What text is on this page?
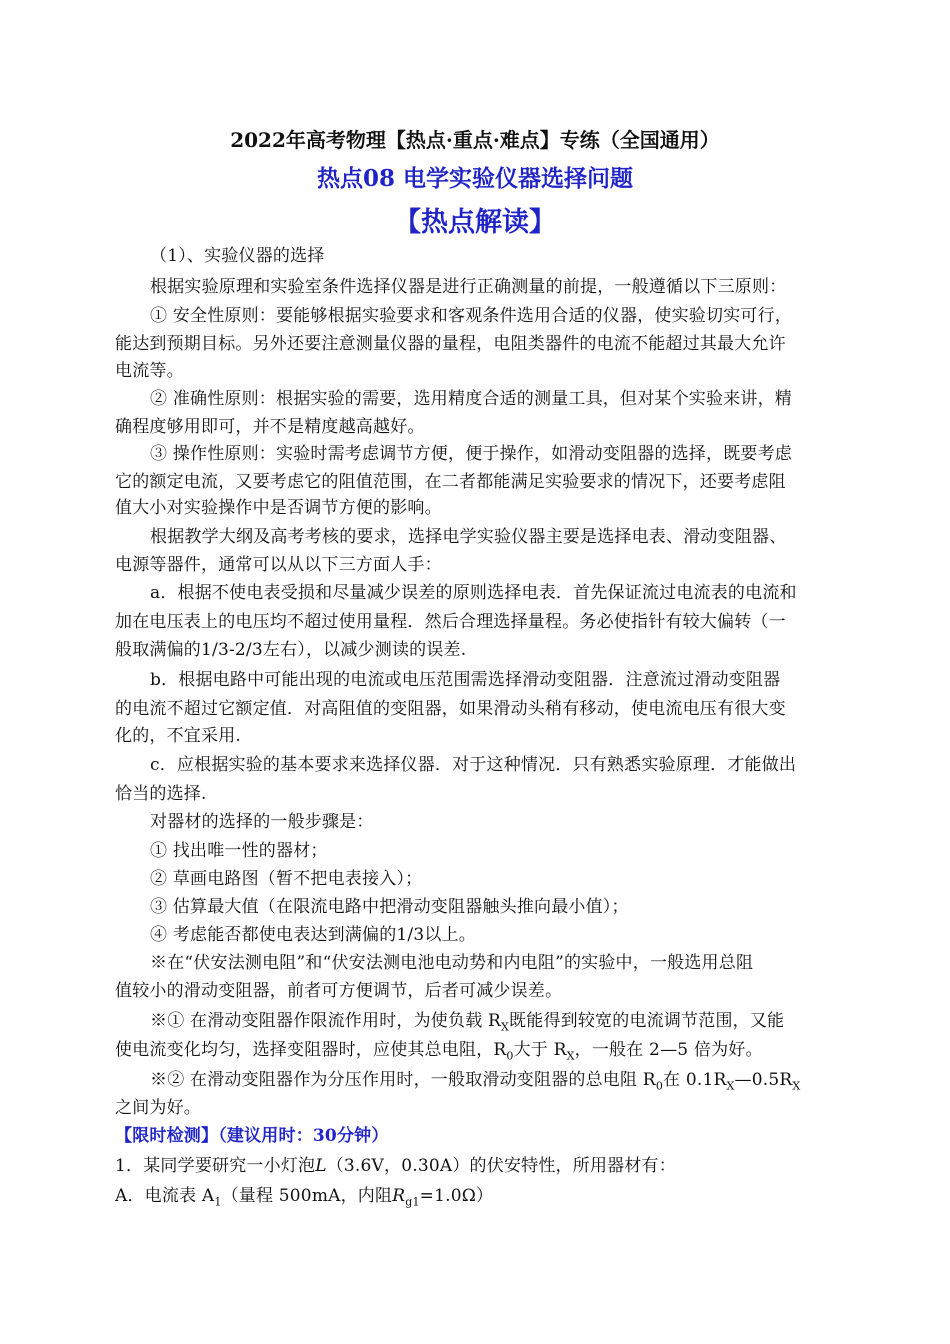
2022年高考物理【热点·重点·难点】专练（全国通用）
热点08 电学实验仪器选择问题
【热点解读】
（1）、实验仪器的选择
根据实验原理和实验室条件选择仪器是进行正确测量的前提，一般遵循以下三原则：
① 安全性原则：要能够根据实验要求和客观条件选用合适的仪器，使实验切实可行，
能达到预期目标。另外还要注意测量仪器的量程，电阻类器件的电流不能超过其最大允许
电流等。
② 准确性原则：根据实验的需要，选用精度合适的测量工具，但对某个实验来讲，精
确程度够用即可，并不是精度越高越好。
③ 操作性原则：实验时需考虑调节方便，便于操作，如滑动变阻器的选择，既要考虑
它的额定电流，又要考虑它的阻值范围，在二者都能满足实验要求的情况下，还要考虑阻
值大小对实验操作中是否调节方便的影响。
根据教学大纲及高考考核的要求，选择电学实验仪器主要是选择电表、滑动变阻器、
电源等器件，通常可以从以下三方面人手：
a．根据不使电表受损和尽量减少误差的原则选择电表．首先保证流过电流表的电流和
加在电压表上的电压均不超过使用量程．然后合理选择量程。务必使指针有较大偏转（一
般取满偏的1/3-2/3左右），以减少测读的误差.
b．根据电路中可能出现的电流或电压范围需选择滑动变阻器．注意流过滑动变阻器
的电流不超过它额定值．对高阻值的变阻器，如果滑动头稍有移动，使电流电压有很大变
化的，不宜采用.
c．应根据实验的基本要求来选择仪器．对于这种情况．只有熟悉实验原理．才能做出
恰当的选择.
对器材的选择的一般步骤是：
① 找出唯一性的器材；
② 草画电路图（暂不把电表接入）；
③ 估算最大值（在限流电路中把滑动变阻器触头推向最小值）；
④ 考虑能否都使电表达到满偏的1/3以上。
※在“伏安法测电阻”和“伏安法测电池电动势和内电阻”的实验中，一般选用总阻
值较小的滑动变阻器，前者可方便调节，后者可减少误差。
※① 在滑动变阻器作限流作用时，为使负载 $R_X$既能得到较宽的电流调节范围，又能
使电流变化均匀，选择变阻器时，应使其总电阻，$R_0$大于 $R_X$，一般在 2—5 倍为好。
※② 在滑动变阻器作为分压作用时，一般取滑动变阻器的总电阻 $R_0$在 $0.1R_X—0.5R_X$
之间为好。
【限时检测】（建议用时：30分钟）
1．某同学要研究一小灯泡L（3.6V，0.30A）的伏安特性，所用器材有：
A．电流表 $A_1$（量程 500mA，内阻$R_{g1}=1.0\Omega$）
